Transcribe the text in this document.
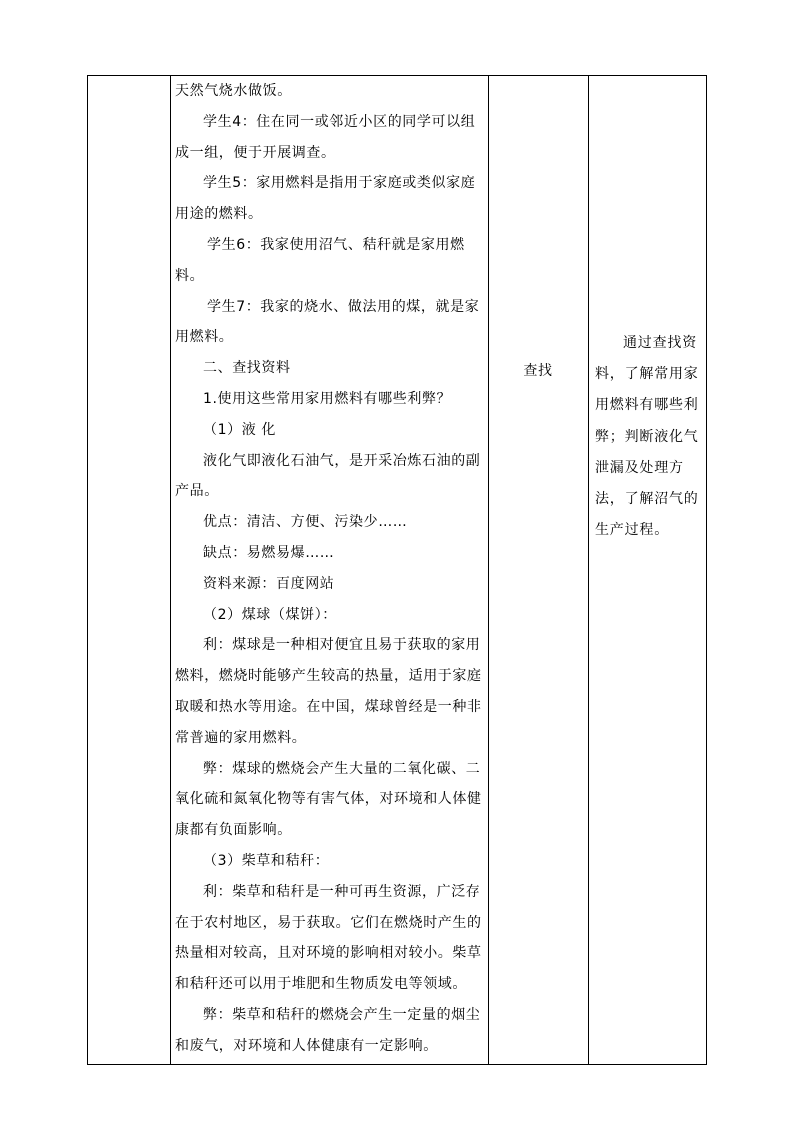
天然气烧水做饭。

学生4：住在同一或邻近小区的同学可以组成一组，便于开展调查。

学生5：家用燃料是指用于家庭或类似家庭用途的燃料。

学生6：我家使用沼气、秸秆就是家用燃料。

学生7：我家的烧水、做法用的煤，就是家用燃料。

二、查找资料

1.使用这些常用家用燃料有哪些利弊？

（1）液 化

液化气即液化石油气，是开采冶炼石油的副产品。

优点：清洁、方便、污染少……

缺点：易燃易爆……

资料来源：百度网站

（2）煤球（煤饼）：

利：煤球是一种相对便宜且易于获取的家用燃料，燃烧时能够产生较高的热量，适用于家庭取暖和热水等用途。在中国，煤球曾经是一种非常普遍的家用燃料。

弊：煤球的燃烧会产生大量的二氧化碳、二氧化硫和氮氧化物等有害气体，对环境和人体健康都有负面影响。

（3）柴草和秸秆：

利：柴草和秸秆是一种可再生资源，广泛存在于农村地区，易于获取。它们在燃烧时产生的热量相对较高，且对环境的影响相对较小。柴草和秸秆还可以用于堆肥和生物质发电等领域。

弊：柴草和秸秆的燃烧会产生一定量的烟尘和废气，对环境和人体健康有一定影响。

查找

通过查找资料，了解常用家用燃料有哪些利弊；判断液化气泄漏及处理方法，了解沼气的生产过程。
